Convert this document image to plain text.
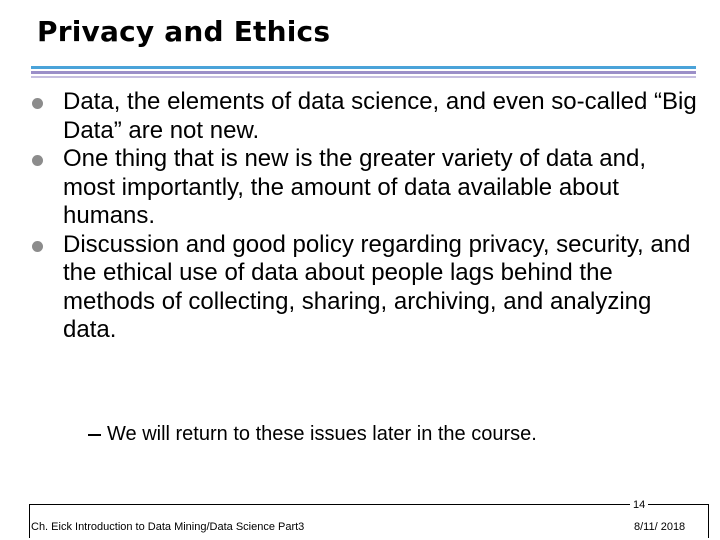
Privacy and Ethics
Data, the elements of data science, and even so-called “Big Data” are not new.
One thing that is new is the greater variety of data and, most importantly, the amount of data available about humans.
Discussion and good policy regarding privacy, security, and the ethical use of data about people lags behind the methods of collecting, sharing, archiving, and analyzing data.
We will return to these issues later in the course.
14
Ch. Eick Introduction to Data Mining/Data Science Part3	8/11/ 2018
